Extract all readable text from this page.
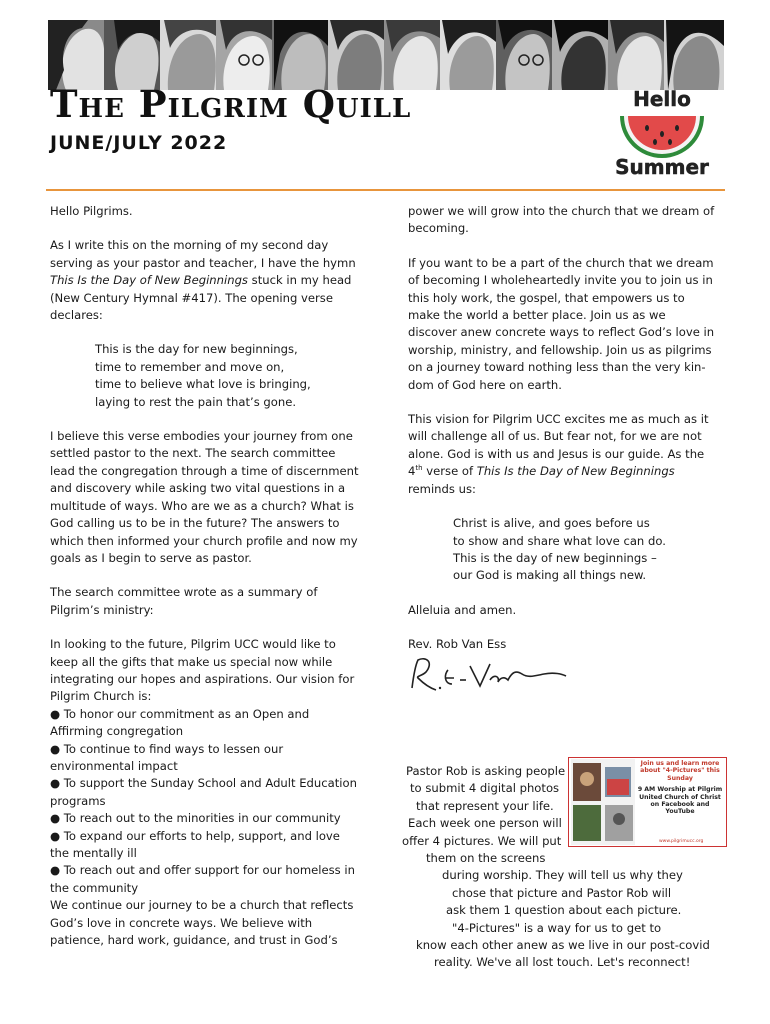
The Pilgrim Quill
JUNE/JULY 2022
Hello
Summer

Hello Pilgrims.

As I write this on the morning of my second day serving as your pastor and teacher, I have the hymn This Is the Day of New Beginnings stuck in my head (New Century Hymnal #417). The opening verse declares:

This is the day for new beginnings,
time to remember and move on,
time to believe what love is bringing,
laying to rest the pain that’s gone.

I believe this verse embodies your journey from one settled pastor to the next. The search committee lead the congregation through a time of discernment and discovery while asking two vital questions in a multitude of ways. Who are we as a church? What is God calling us to be in the future? The answers to which then informed your church profile and now my goals as I begin to serve as pastor.

The search committee wrote as a summary of Pilgrim’s ministry:

In looking to the future, Pilgrim UCC would like to keep all the gifts that make us special now while integrating our hopes and aspirations. Our vision for Pilgrim Church is:
● To honor our commitment as an Open and Affirming congregation
● To continue to find ways to lessen our environmental impact
● To support the Sunday School and Adult Education programs
● To reach out to the minorities in our community
● To expand our efforts to help, support, and love the mentally ill
● To reach out and offer support for our homeless in the community
We continue our journey to be a church that reflects God’s love in concrete ways. We believe with patience, hard work, guidance, and trust in God’s

power we will grow into the church that we dream of becoming.

If you want to be a part of the church that we dream of becoming I wholeheartedly invite you to join us in this holy work, the gospel, that empowers us to make the world a better place. Join us as we discover anew concrete ways to reflect God’s love in worship, ministry, and fellowship. Join us as pilgrims on a journey toward nothing less than the very kin-dom of God here on earth.

This vision for Pilgrim UCC excites me as much as it will challenge all of us. But fear not, for we are not alone. God is with us and Jesus is our guide. As the 4th verse of This Is the Day of New Beginnings reminds us:

Christ is alive, and goes before us
to show and share what love can do.
This is the day of new beginnings –
our God is making all things new.

Alleluia and amen.

Rev. Rob Van Ess

Join us and learn more about "4-Pictures" this Sunday
9 AM Worship at Pilgrim United Church of Christ on Facebook and YouTube
www.pilgrimucc.org
Pastor Rob is asking people
to submit 4 digital photos
that represent your life.
Each week one person will
offer 4 pictures. We will put
them on the screens
during worship. They will tell us why they
chose that picture and Pastor Rob will
ask them 1 question about each picture.
"4-Pictures" is a way for us to get to
know each other anew as we live in our post-covid
reality. We've all lost touch. Let's reconnect!
